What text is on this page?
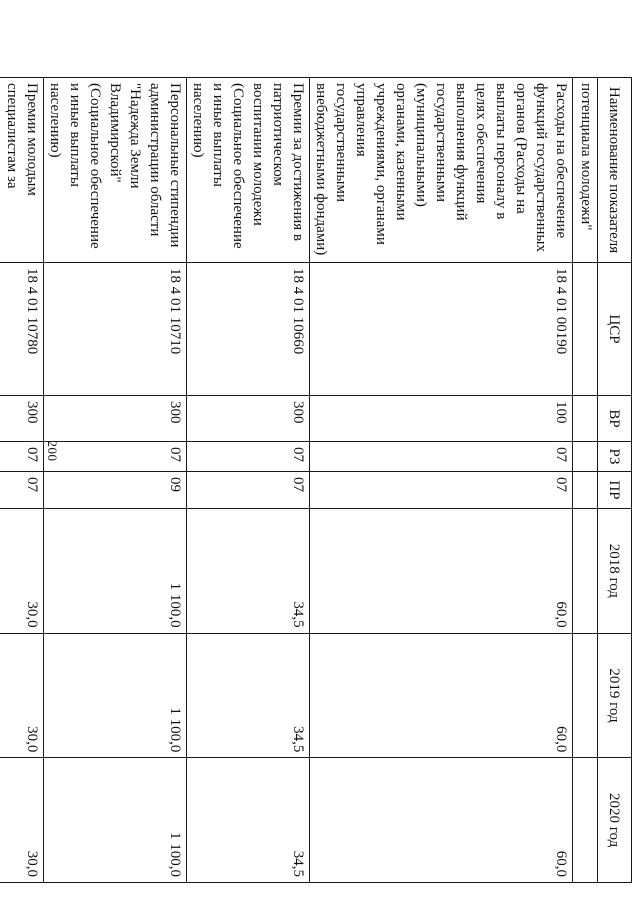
200
Наименование показателя	ЦСР	ВР	РЗ	ПР	2018 год	2019 год	2020 год
потенциала молодежи"							
Расходы на обеспечение функций государственных органов (Расходы на выплаты персоналу в целях обеспечения выполнения функций государственными (муниципальными) органами, казенными учреждениями, органами управления государственными внебюджетными фондами)	18 4 01 00190	100	07	07	60,0	60,0	60,0
Премии за достижения в патриотическом воспитании молодежи (Социальное обеспечение и иные выплаты населению)	18 4 01 10660	300	07	07	34,5	34,5	34,5
Персональные стипендии администрации области "Надежда Земли Владимирской" (Социальное обеспечение и иные выплаты населению)	18 4 01 10710	300	07	09	1 100,0	1 100,0	1 100,0
Премии молодым специалистам за	18 4 01 10780	300	07	07	30,0	30,0	30,0
